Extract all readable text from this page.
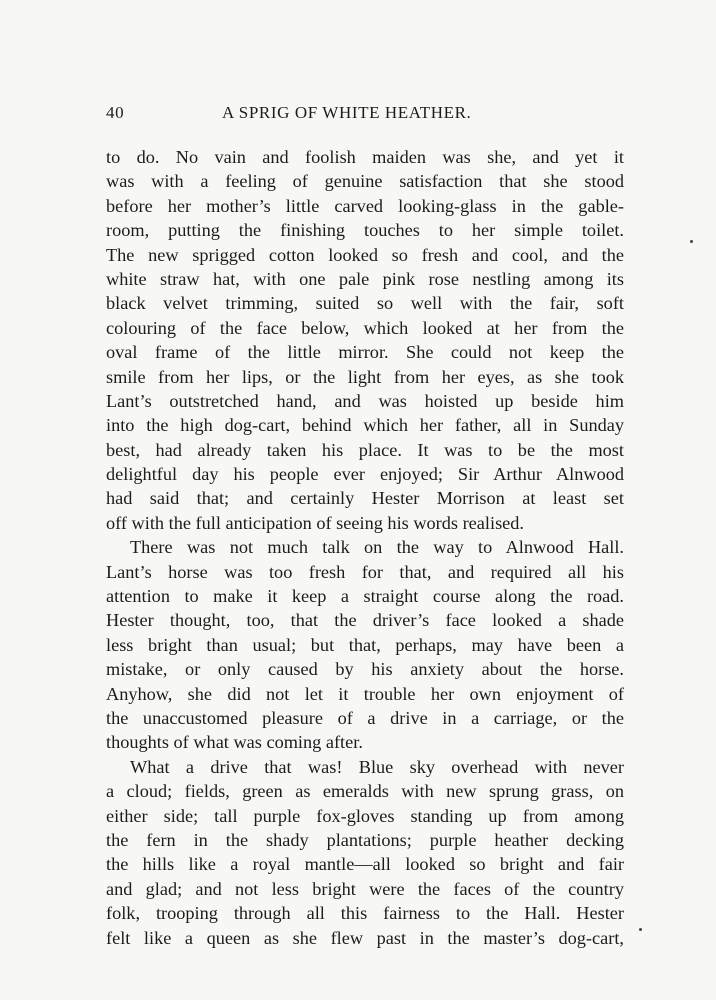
40	A SPRIG OF WHITE HEATHER.
to do. No vain and foolish maiden was she, and yet it
was with a feeling of genuine satisfaction that she stood
before her mother’s little carved looking-glass in the gable-
room, putting the finishing touches to her simple toilet.
The new sprigged cotton looked so fresh and cool, and the
white straw hat, with one pale pink rose nestling among its
black velvet trimming, suited so well with the fair, soft
colouring of the face below, which looked at her from the
oval frame of the little mirror. She could not keep the
smile from her lips, or the light from her eyes, as she took
Lant’s outstretched hand, and was hoisted up beside him
into the high dog-cart, behind which her father, all in Sunday
best, had already taken his place. It was to be the most
delightful day his people ever enjoyed; Sir Arthur Alnwood
had said that; and certainly Hester Morrison at least set
off with the full anticipation of seeing his words realised.
There was not much talk on the way to Alnwood Hall.
Lant’s horse was too fresh for that, and required all his
attention to make it keep a straight course along the road.
Hester thought, too, that the driver’s face looked a shade
less bright than usual; but that, perhaps, may have been a
mistake, or only caused by his anxiety about the horse.
Anyhow, she did not let it trouble her own enjoyment of
the unaccustomed pleasure of a drive in a carriage, or the
thoughts of what was coming after.
What a drive that was! Blue sky overhead with never
a cloud; fields, green as emeralds with new sprung grass, on
either side; tall purple fox-gloves standing up from among
the fern in the shady plantations; purple heather decking
the hills like a royal mantle—all looked so bright and fair
and glad; and not less bright were the faces of the country
folk, trooping through all this fairness to the Hall. Hester
felt like a queen as she flew past in the master’s dog-cart,
